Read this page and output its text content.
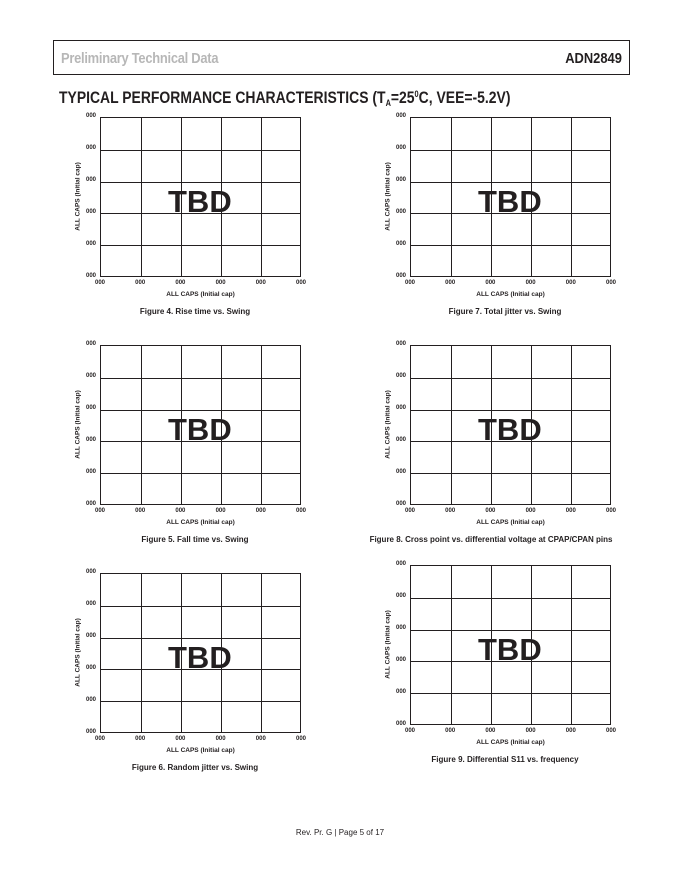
Preliminary Technical Data	ADN2849
TYPICAL PERFORMANCE CHARACTERISTICS ($T_A=25^0C$, VEE=-5.2V)
TBD
000
000
000
000
000
000
000	000	000	000	000	000
ALL CAPS (Initial cap)
ALL CAPS (Initial cap)
Figure 4. Rise time vs. Swing
TBD
000
000
000
000
000
000
000	000	000	000	000	000
ALL CAPS (Initial cap)
ALL CAPS (Initial cap)
Figure 5. Fall time vs. Swing
TBD
000
000
000
000
000
000
000	000	000	000	000	000
ALL CAPS (Initial cap)
ALL CAPS (Initial cap)
Figure 6. Random jitter vs. Swing
TBD
000
000
000
000
000
000
000	000	000	000	000	000
ALL CAPS (Initial cap)
ALL CAPS (Initial cap)
Figure 7. Total jitter vs. Swing
TBD
000
000
000
000
000
000
000	000	000	000	000	000
ALL CAPS (Initial cap)
ALL CAPS (Initial cap)
Figure 8. Cross point vs. differential voltage at CPAP/CPAN pins
TBD
000
000
000
000
000
000
000	000	000	000	000	000
ALL CAPS (Initial cap)
ALL CAPS (Initial cap)
Figure 9. Differential S11 vs. frequency
Rev. Pr. G | Page 5 of 17
